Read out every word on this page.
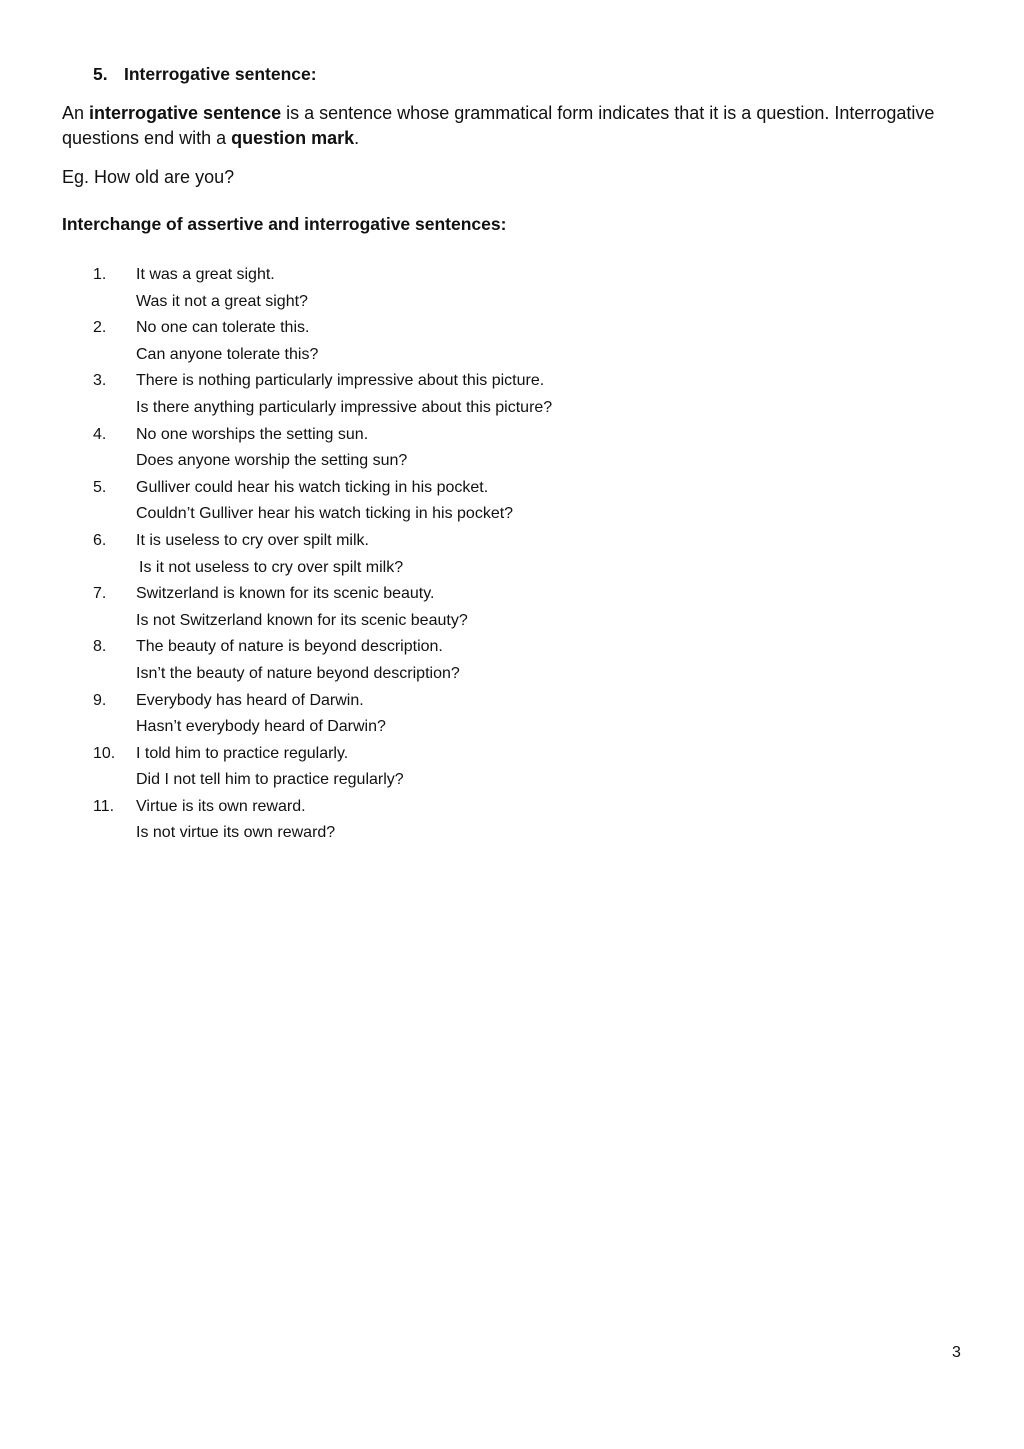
5. Interrogative sentence:
An interrogative sentence is a sentence whose grammatical form indicates that it is a question. Interrogative questions end with a question mark.
Eg. How old are you?
Interchange of assertive and interrogative sentences:
1.	It was a great sight.
Was it not a great sight?
2.	No one can tolerate this.
Can anyone tolerate this?
3.	There is nothing particularly impressive about this picture.
Is there anything particularly impressive about this picture?
4.	No one worships the setting sun.
Does anyone worship the setting sun?
5.	Gulliver could hear his watch ticking in his pocket.
Couldn’t Gulliver hear his watch ticking in his pocket?
6.	It is useless to cry over spilt milk.
Is it not useless to cry over spilt milk?
7.	Switzerland is known for its scenic beauty.
Is not Switzerland known for its scenic beauty?
8.	The beauty of nature is beyond description.
Isn’t the beauty of nature beyond description?
9.	Everybody has heard of Darwin.
Hasn’t everybody heard of Darwin?
10.	I told him to practice regularly.
Did I not tell him to practice regularly?
11.	Virtue is its own reward.
Is not virtue its own reward?
3
